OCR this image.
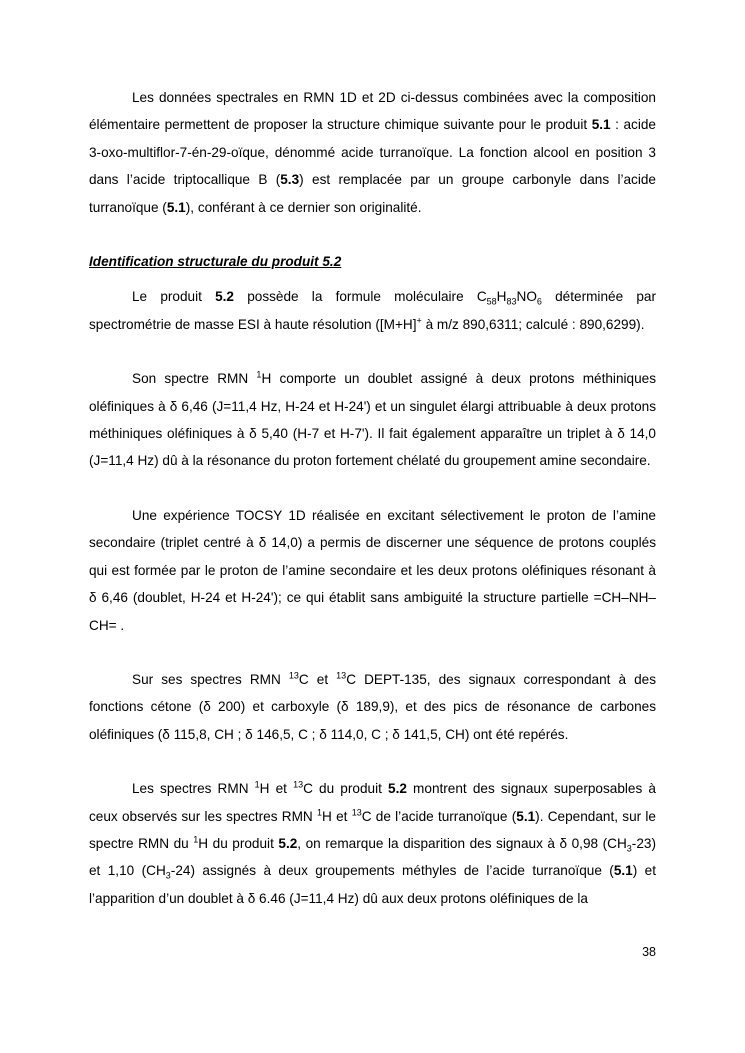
Les données spectrales en RMN 1D et 2D ci-dessus combinées avec la composition élémentaire permettent de proposer la structure chimique suivante pour le produit 5.1 : acide 3-oxo-multiflor-7-én-29-oïque, dénommé acide turranoïque. La fonction alcool en position 3 dans l’acide triptocallique B (5.3) est remplacée par un groupe carbonyle dans l’acide turranoïque (5.1), conférant à ce dernier son originalité.

Identification structurale du produit 5.2

Le produit 5.2 possède la formule moléculaire $C_{58}H_{83}NO_6$ déterminée par spectrométrie de masse ESI à haute résolution ([M+H]+ à m/z 890,6311; calculé : 890,6299).

Son spectre RMN $^1$H comporte un doublet assigné à deux protons méthiniques oléfiniques à δ 6,46 (J=11,4 Hz, H-24 et H-24') et un singulet élargi attribuable à deux protons méthiniques oléfiniques à δ 5,40 (H-7 et H-7'). Il fait également apparaître un triplet à δ 14,0 (J=11,4 Hz) dû à la résonance du proton fortement chélaté du groupement amine secondaire.

Une expérience TOCSY 1D réalisée en excitant sélectivement le proton de l’amine secondaire (triplet centré à δ 14,0) a permis de discerner une séquence de protons couplés qui est formée par le proton de l’amine secondaire et les deux protons oléfiniques résonant à δ 6,46 (doublet, H-24 et H-24'); ce qui établit sans ambiguité la structure partielle =CH–NH–CH= .

Sur ses spectres RMN $^{13}$C et $^{13}$C DEPT-135, des signaux correspondant à des fonctions cétone (δ 200) et carboxyle (δ 189,9), et des pics de résonance de carbones oléfiniques (δ 115,8, CH ; δ 146,5, C ; δ 114,0, C ; δ 141,5, CH) ont été repérés.

Les spectres RMN $^1$H et $^{13}$C du produit 5.2 montrent des signaux superposables à ceux observés sur les spectres RMN $^1$H et $^{13}$C de l’acide turranoïque (5.1). Cependant, sur le spectre RMN du $^1$H du produit 5.2, on remarque la disparition des signaux à δ 0,98 $(CH_3-23)$ et 1,10 $(CH_3-24)$ assignés à deux groupements méthyles de l’acide turranoïque (5.1) et l’apparition d’un doublet à δ 6.46 (J=11,4 Hz) dû aux deux protons oléfiniques de la

38
